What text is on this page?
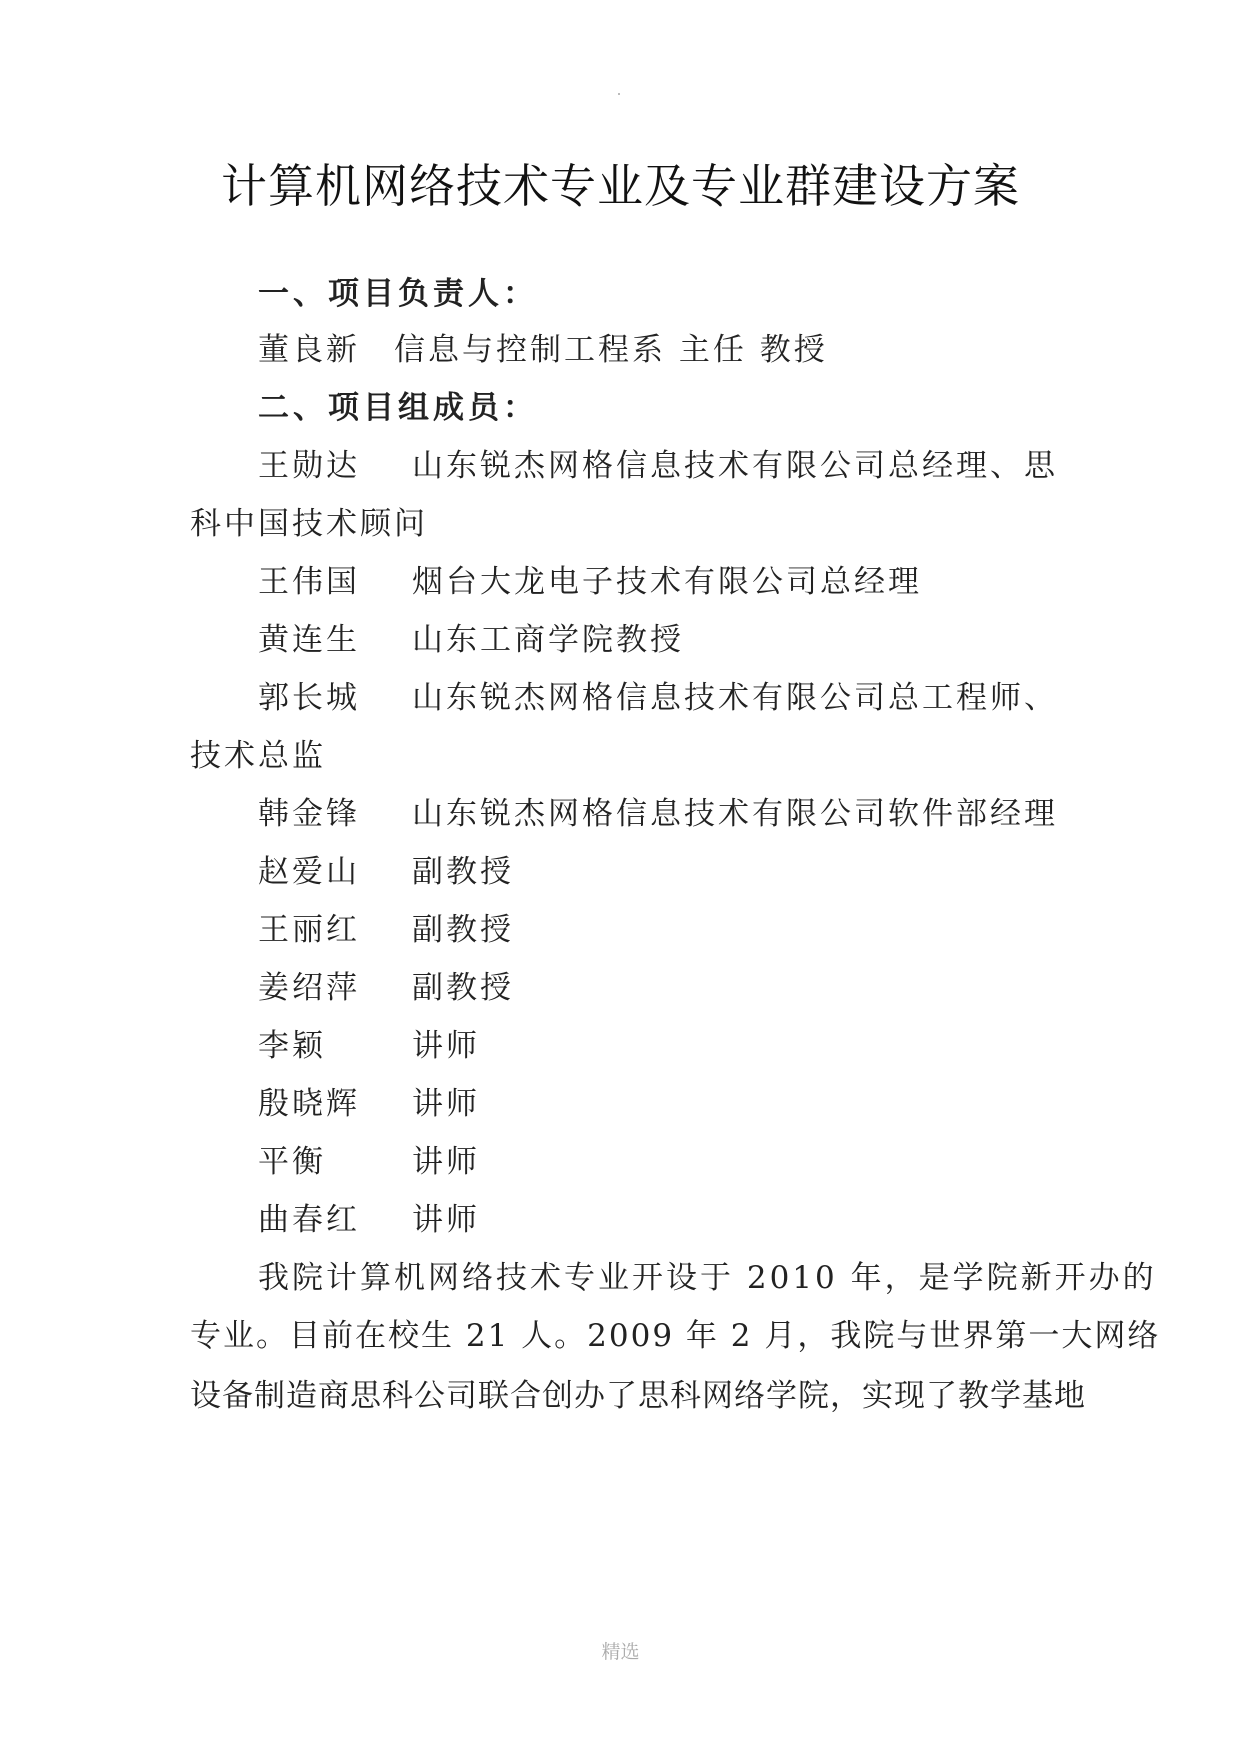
计算机网络技术专业及专业群建设方案
一、项目负责人：
董良新　信息与控制工程系 主任 教授
二、项目组成员：
王勋达 山东锐杰网格信息技术有限公司总经理、思
科中国技术顾问
王伟国 烟台大龙电子技术有限公司总经理
黄连生 山东工商学院教授
郭长城 山东锐杰网格信息技术有限公司总工程师、
技术总监
韩金锋 山东锐杰网格信息技术有限公司软件部经理
赵爱山 副教授
王丽红 副教授
姜绍萍 副教授
李颖	讲师
殷晓辉 讲师
平衡	讲师
曲春红 讲师
我院计算机网络技术专业开设于 2010 年，是学院新开办的
专业。目前在校生 21 人。2009 年 2 月，我院与世界第一大网络
设备制造商思科公司联合创办了思科网络学院，实现了教学基地
精选
